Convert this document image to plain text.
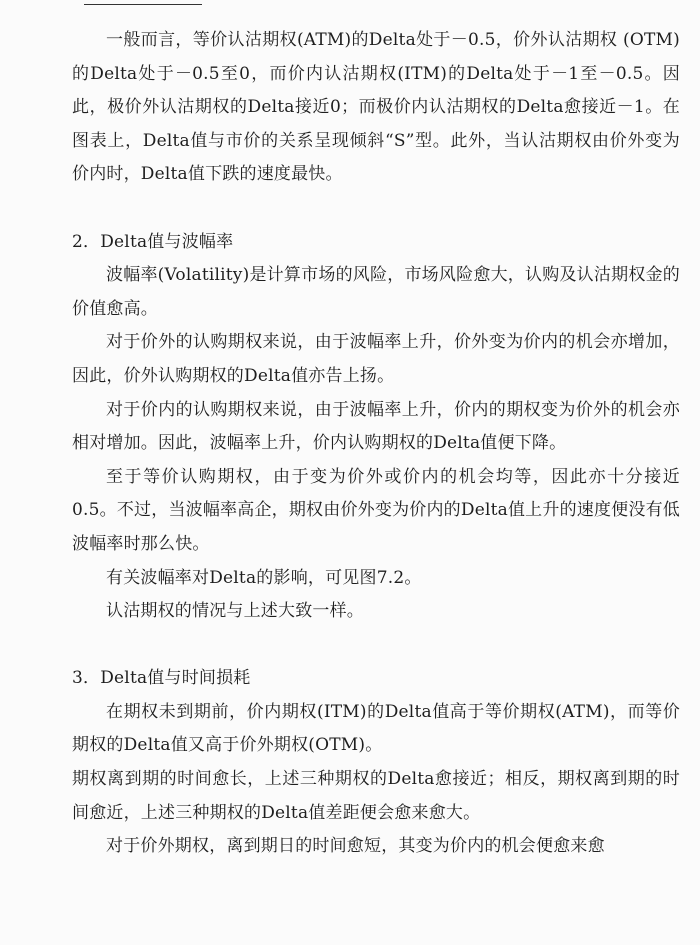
一般而言，等价认沽期权(ATM)的Delta处于－0.5，价外认沽期权 (OTM)的Delta处于－0.5至0，而价内认沽期权(ITM)的Delta处于－1至－0.5。因此，极价外认沽期权的Delta接近0；而极价内认沽期权的Delta愈接近－1。在图表上，Delta值与市价的关系呈现倾斜“S”型。此外，当认沽期权由价外变为价内时，Delta值下跌的速度最快。

2．Delta值与波幅率

波幅率(Volatility)是计算市场的风险，市场风险愈大，认购及认沽期权金的价值愈高。

对于价外的认购期权来说，由于波幅率上升，价外变为价内的机会亦增加，因此，价外认购期权的Delta值亦告上扬。

对于价内的认购期权来说，由于波幅率上升，价内的期权变为价外的机会亦相对增加。因此，波幅率上升，价内认购期权的Delta值便下降。

至于等价认购期权，由于变为价外或价内的机会均等，因此亦十分接近0.5。不过，当波幅率高企，期权由价外变为价内的Delta值上升的速度便没有低波幅率时那么快。

有关波幅率对Delta的影响，可见图7.2。

认沽期权的情况与上述大致一样。

3．Delta值与时间损耗

在期权未到期前，价内期权(ITM)的Delta值高于等价期权(ATM)，而等价期权的Delta值又高于价外期权(OTM)。

期权离到期的时间愈长，上述三种期权的Delta愈接近；相反，期权离到期的时间愈近，上述三种期权的Delta值差距便会愈来愈大。

对于价外期权，离到期日的时间愈短，其变为价内的机会便愈来愈
